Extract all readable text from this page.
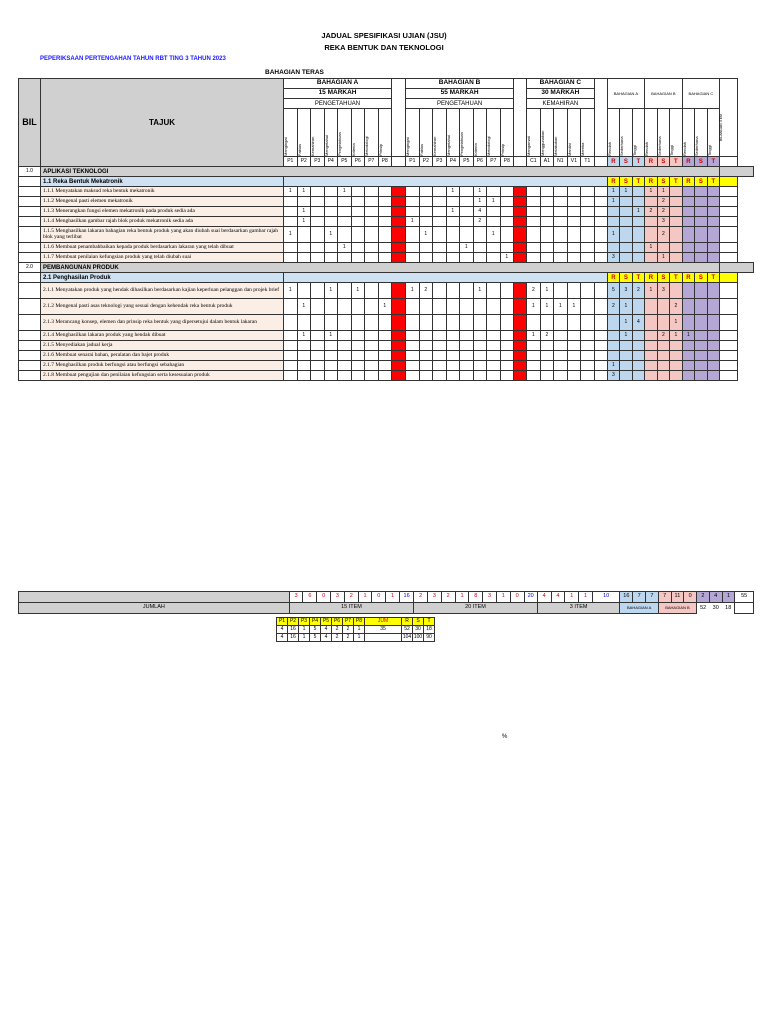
JADUAL SPESIFIKASI UJIAN (JSU)
REKA BENTUK DAN TEKNOLOGI
PEPERIKSAAN PERTENGAHAN TAHUN RBT TING 3 TAHUN 2023
BAHAGIAN TERAS
BIL	TAJUK	BAHAGIAN A									BAHAGIAN B									BAHAGIAN C						BAHAGIAN A			BAHAGIAN B			BAHAGIAN C			BILANGAN ITEM

		15 MARKAH									55 MARKAH									30 MARKAH															
		PENGETAHUAN									PENGETAHUAN									KEMAHIRAN															

		Mengingat	Faktas	Kemahiran	Mengetahui	Pengetahuan	Kriteria	Metodologi	Prinsip		Mengingat	Faktas	Kemahiran	Mengetahui	Pengetahuan	Kriteria	Metodologi	Prinsip		Mengamati	Menggunakan	Melakukan	Menilai	Mereka		Rendah	Sederhana	Tinggi	Rendah	Sederhana	Tinggi	Rendah	Sederhana	Tinggi	

		P1	P2	P3	P4	P5	P6	P7	P8		P1	P2	P3	P4	P5	P6	P7	P8		C1	A1	N1	V1	T1		R	S	T	R	S	T	R	S	T	
1.0	APLIKASI TEKNOLOGI																																		
	1.1 Reka Bentuk Mekatronik																									R	S	T	R	S	T	R	S	T	
	1.1.1 Menyatakan maksud reka bentuk mekatronik	1	1			1								1		1										1	1		1	1					
	1.1.2 Mengenal pasti elemen mekatronik															1	1									1				2					
	1.1.3 Menerangkan fungsi elemen mekatronik pada produk sedia ada		1											1		4												1	2	2					
	1.1.4 Menghasilkan gambar rajah blok produk mekatronik sedia ada		1								1					2														3					
	1.1.5 Menghasilkan lakaran bahagian reka bentuk produk yang akan diubah suai berdasarkan gambar rajah blok yang terlibat	1			1							1					1									1				2					
	1.1.6 Membuat penambahbaikan kepada produk berdasarkan lakaran yang telah dibuat					1									1														1						
	1.1.7 Membuat penilaian kefungsian produk yang telah diubah suai																	1								3				1					
2.0	PEMBANGUNAN PRODUK																																		
	2.1 Penghasilan Produk																									R	S	T	R	S	T	R	S	T	
	2.1.1 Menyatakan produk yang hendak dihasilkan berdasarkan kajian keperluan pelanggan dan projek brief	1			1		1				1	2				1				2	1					5	3	2	1	3					
	2.1.2 Mengenal pasti asas teknologi yang sesuai dengan kehendak reka bentuk produk		1						1											1	1	1	1			2	1				2				
	2.1.3 Merancang konsep, elemen dan prinsip reka bentuk yang dipersetujui dalam bentuk lakaran																										1	4			1				
	2.1.4 Menghasilkan lakaran produk yang hendak dibuat		1		1															1	2						1			2	1	1			
	2.1.5 Menyediakan jadual kerja																																		
	2.1.6 Membuat senarai bahan, peralatan dan bajet produk																																		
	2.1.7 Menghasilkan produk berfungsi atau berfungsi sebahagian																									1									
	2.1.8 Membuat pengujian dan penilaian kefungsian serta kesesuaian produk																									3									
	3	6	0	3	2	1	0	1	16	2	3	2	1	8	3	1	0	20	4	4	1	1	10	16	7	7	7	11	0	2	4	1	55
JUMLAH	15 ITEM									20 ITEM									3 ITEM					BAHAGIAN A			BAHAGIAN B			52	30	18	
P1	P2	P3	P4	P5	P6	P7	P8	JUM	R	S	T
4	16	1	5	4	2	2	1	35	52	30	18
4	16	1	5	4	2	2	1		104	100	90
%
